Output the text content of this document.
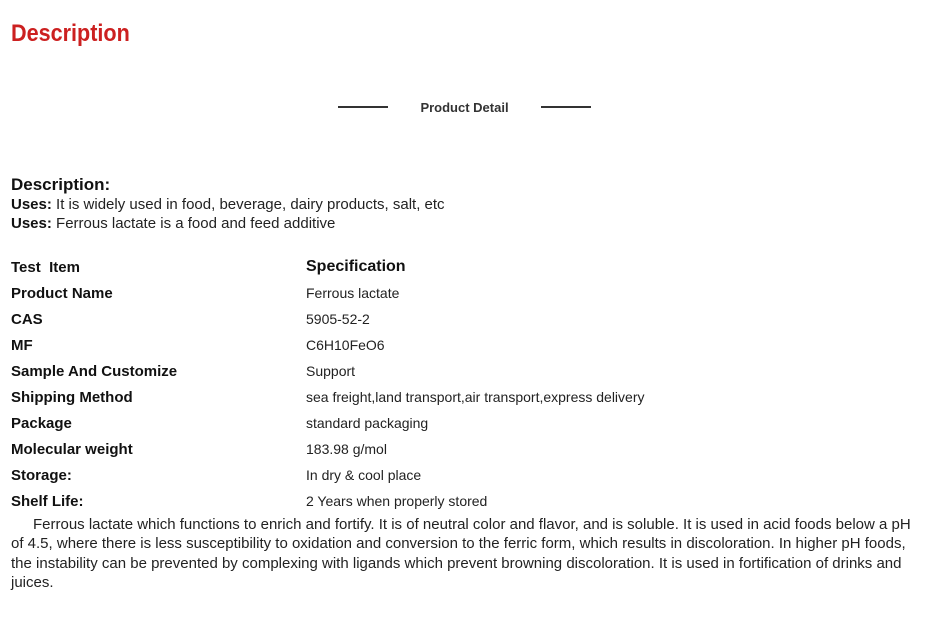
Description
Product Detail
Description:
Uses: It is widely used in food, beverage, dairy products, salt, etc
Uses: Ferrous lactate is a food and feed additive
Test  Item	Specification
Product Name	Ferrous lactate
CAS	5905-52-2
MF	C6H10FeO6
Sample And Customize	Support
Shipping Method	sea freight,land transport,air transport,express delivery
Package	standard packaging
Molecular weight	183.98 g/mol
Storage:	In dry & cool place
Shelf Life:	2 Years when properly stored

Ferrous lactate which functions to enrich and fortify. It is of neutral color and flavor, and is soluble. It is used in acid foods below a pH of 4.5, where there is less susceptibility to oxidation and conversion to the ferric form, which results in discoloration. In higher pH foods, the instability can be prevented by complexing with ligands which prevent browning discoloration. It is used in fortification of drinks and juices.
